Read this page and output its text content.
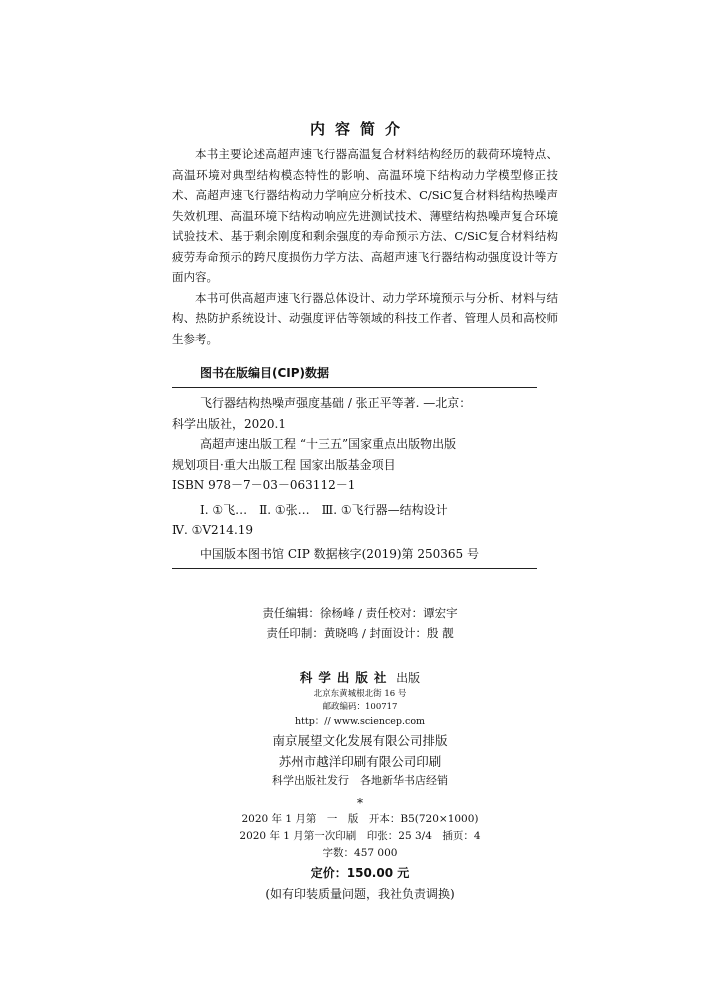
内容简介

本书主要论述高超声速飞行器高温复合材料结构经历的载荷环境特点、高温环境对典型结构模态特性的影响、高温环境下结构动力学模型修正技术、高超声速飞行器结构动力学响应分析技术、C/SiC复合材料结构热噪声失效机理、高温环境下结构动响应先进测试技术、薄壁结构热噪声复合环境试验技术、基于剩余刚度和剩余强度的寿命预示方法、C/SiC复合材料结构疲劳寿命预示的跨尺度损伤力学方法、高超声速飞行器结构动强度设计等方面内容。

本书可供高超声速飞行器总体设计、动力学环境预示与分析、材料与结构、热防护系统设计、动强度评估等领域的科技工作者、管理人员和高校师生参考。

图书在版编目(CIP)数据

飞行器结构热噪声强度基础 / 张正平等著. —北京：

科学出版社，2020.1

高超声速出版工程 “十三五”国家重点出版物出版

规划项目·重大出版工程 国家出版基金项目

ISBN 978－7－03－063112－1

Ⅰ. ①飞…　Ⅱ. ①张…　Ⅲ. ①飞行器—结构设计

Ⅳ. ①V214.19

中国版本图书馆 CIP 数据核字(2019)第 250365 号
责任编辑：徐杨峰 / 责任校对：谭宏宇
责任印制：黄晓鸣 / 封面设计：殷 靓

科学出版社 出版

北京东黄城根北街 16 号

邮政编码：100717

http：// www.sciencep.com

南京展望文化发展有限公司排版

苏州市越洋印刷有限公司印刷

科学出版社发行　各地新华书店经销

*

2020 年 1 月第　一　版　开本：B5(720×1000)

2020 年 1 月第一次印刷　印张：25 3/4　插页：4

字数：457 000

定价：150.00 元

(如有印装质量问题，我社负责调换)
